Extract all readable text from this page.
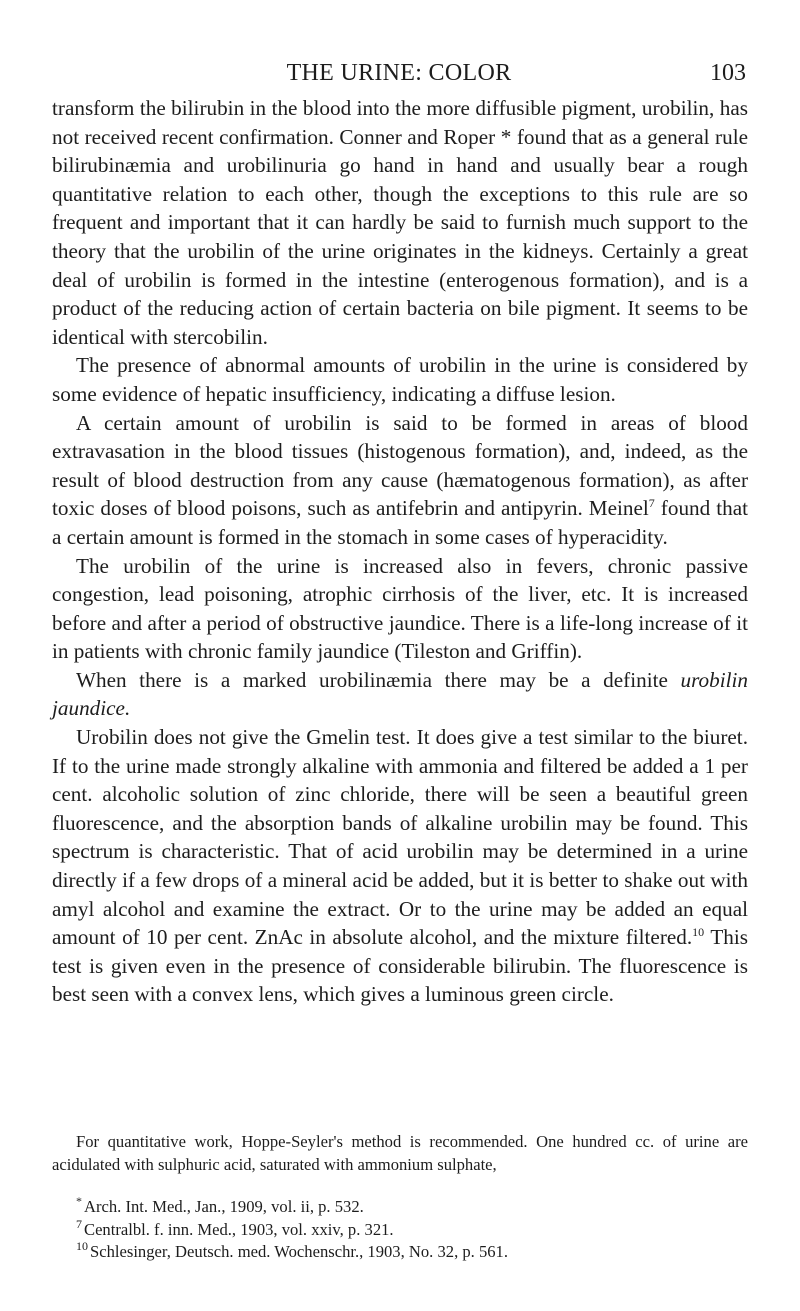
THE URINE: COLOR	103

transform the bilirubin in the blood into the more diffusible pigment, urobilin, has not received recent confirmation. Conner and Roper * found that as a general rule bilirubinæmia and urobilinuria go hand in hand and usually bear a rough quantitative relation to each other, though the exceptions to this rule are so frequent and important that it can hardly be said to furnish much support to the theory that the urobilin of the urine originates in the kidneys. Certainly a great deal of urobilin is formed in the intestine (enterogenous formation), and is a product of the reducing action of certain bacteria on bile pigment. It seems to be identical with stercobilin.

The presence of abnormal amounts of urobilin in the urine is considered by some evidence of hepatic insufficiency, indicating a diffuse lesion.

A certain amount of urobilin is said to be formed in areas of blood extravasation in the blood tissues (histogenous formation), and, indeed, as the result of blood destruction from any cause (hæmatogenous formation), as after toxic doses of blood poisons, such as antifebrin and antipyrin. Meinel$^7$ found that a certain amount is formed in the stomach in some cases of hyperacidity.

The urobilin of the urine is increased also in fevers, chronic passive congestion, lead poisoning, atrophic cirrhosis of the liver, etc. It is increased before and after a period of obstructive jaundice. There is a life-long increase of it in patients with chronic family jaundice (Tileston and Griffin).

When there is a marked urobilinæmia there may be a definite urobilin jaundice.

Urobilin does not give the Gmelin test. It does give a test similar to the biuret. If to the urine made strongly alkaline with ammonia and filtered be added a 1 per cent. alcoholic solution of zinc chloride, there will be seen a beautiful green fluorescence, and the absorption bands of alkaline urobilin may be found. This spectrum is characteristic. That of acid urobilin may be determined in a urine directly if a few drops of a mineral acid be added, but it is better to shake out with amyl alcohol and examine the extract. Or to the urine may be added an equal amount of 10 per cent. ZnAc in absolute alcohol, and the mixture filtered.$^{10}$ This test is given even in the presence of considerable bilirubin. The fluorescence is best seen with a convex lens, which gives a luminous green circle.

For quantitative work, Hoppe-Seyler's method is recommended. One hundred cc. of urine are acidulated with sulphuric acid, saturated with ammonium sulphate,

* Arch. Int. Med., Jan., 1909, vol. ii, p. 532.

$^7$ Centralbl. f. inn. Med., 1903, vol. xxiv, p. 321.

$^{10}$ Schlesinger, Deutsch. med. Wochenschr., 1903, No. 32, p. 561.
